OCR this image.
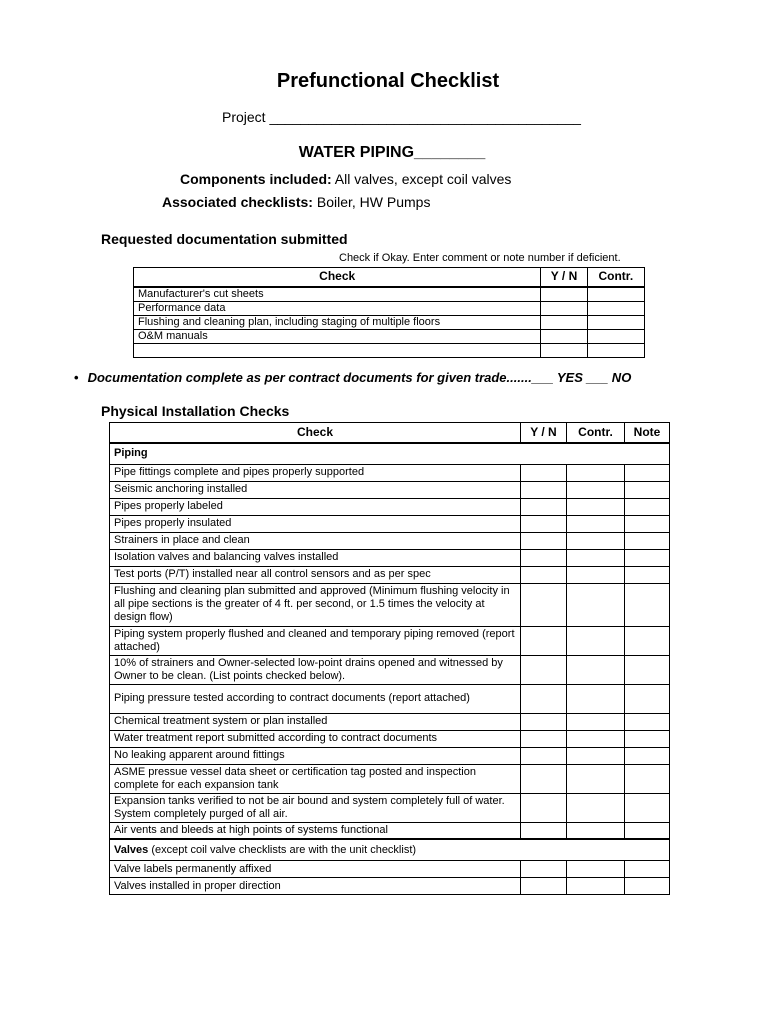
Prefunctional Checklist
Project ________________________________________
WATER PIPING________
Components included: All valves, except coil valves
Associated checklists: Boiler, HW Pumps
Requested documentation submitted
Check if Okay. Enter comment or note number if deficient.
Check	Y / N	Contr.
Manufacturer's cut sheets		
Performance data		
Flushing and cleaning plan, including staging of multiple floors		
O&M manuals		

• Documentation complete as per contract documents for given trade.......___ YES ___ NO
Physical Installation Checks
Check	Y / N	Contr.	Note
Piping			
Pipe fittings complete and pipes properly supported			
Seismic anchoring installed			
Pipes properly labeled			
Pipes properly insulated			
Strainers in place and clean			
Isolation valves and balancing valves installed			
Test ports (P/T) installed near all control sensors and as per spec			
Flushing and cleaning plan submitted and approved (Minimum flushing velocity in all pipe sections is the greater of 4 ft. per second, or 1.5 times the velocity at design flow)			
Piping system properly flushed and cleaned and temporary piping removed (report attached)			
10% of strainers and Owner-selected low-point drains opened and witnessed by Owner to be clean. (List points checked below).			
Piping pressure tested according to contract documents (report attached)			
Chemical treatment system or plan installed			
Water treatment report submitted according to contract documents			
No leaking apparent around fittings			
ASME pressue vessel data sheet or certification tag posted and inspection complete for each expansion tank			
Expansion tanks verified to not be air bound and system completely full of water. System completely purged of all air.			
Air vents and bleeds at high points of systems functional			
Valves (except coil valve checklists are with the unit checklist)			
Valve labels permanently affixed			
Valves installed in proper direction			
